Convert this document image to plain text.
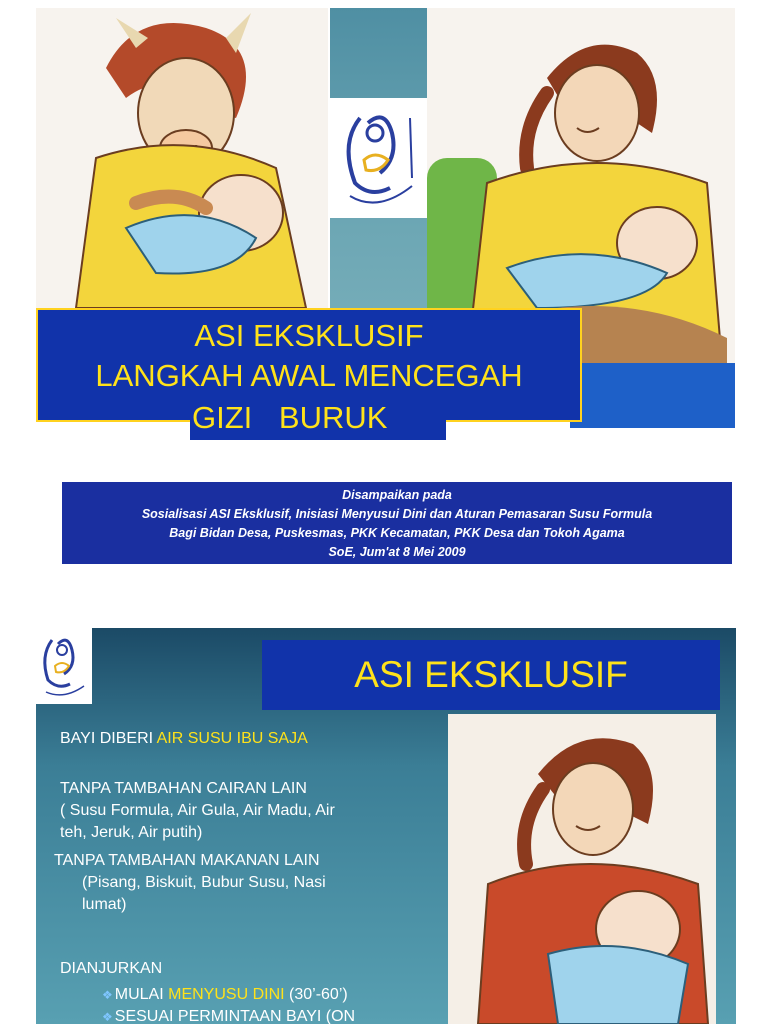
ASI EKSKLUSIF
LANGKAH AWAL MENCEGAH
GIZI BURUK
Disampaikan pada
Sosialisasi ASI Eksklusif, Inisiasi Menyusui Dini dan Aturan Pemasaran Susu Formula
Bagi Bidan Desa, Puskesmas, PKK Kecamatan, PKK Desa dan Tokoh Agama
SoE, Jum'at 8 Mei 2009
ASI EKSKLUSIF
BAYI DIBERI AIR SUSU IBU SAJA
TANPA TAMBAHAN CAIRAN LAIN
( Susu Formula, Air Gula, Air Madu, Air
teh, Jeruk, Air putih)
TANPA TAMBAHAN MAKANAN LAIN
(Pisang, Biskuit, Bubur Susu, Nasi
lumat)
DIANJURKAN
❖ MULAI MENYUSU DINI (30’-60’)
❖ SESUAI PERMINTAAN BAYI (ON
